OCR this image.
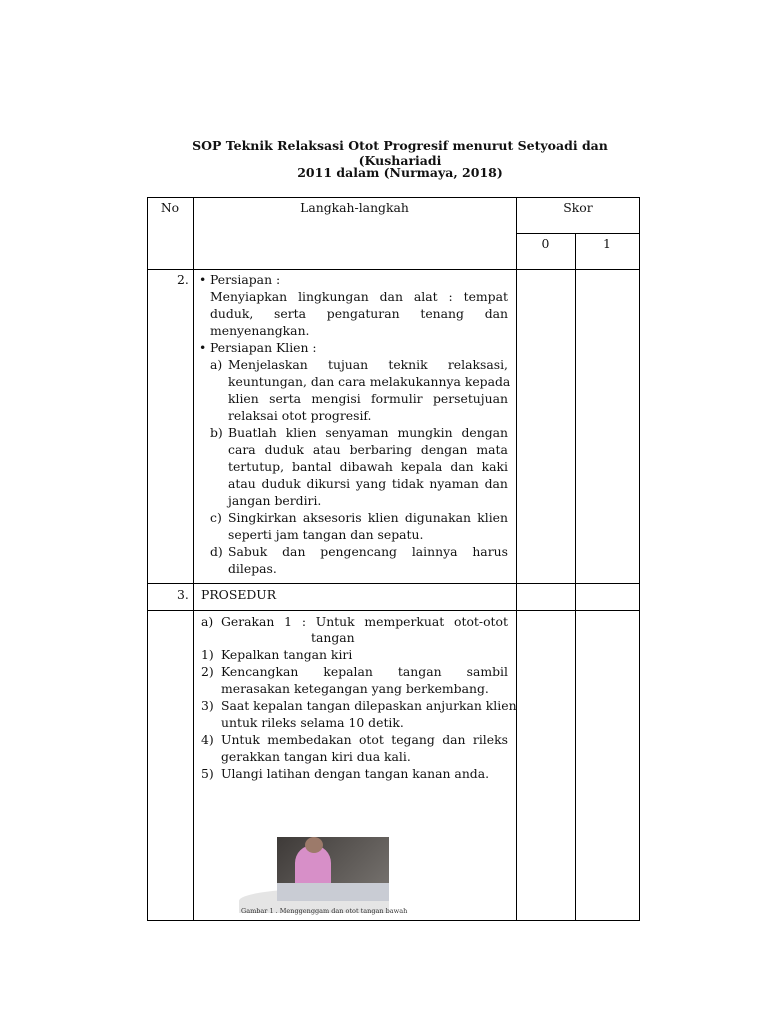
SOP Teknik Relaksasi Otot Progresif menurut Setyoadi dan (Kushariadi
2011 dalam (Nurmaya, 2018)
No	Langkah-langkah	Skor
0	1
2. • Persiapan :
Menyiapkan lingkungan dan alat : tempat
duduk, serta pengaturan tenang dan
menyenangkan.
• Persiapan Klien :
a) Menjelaskan tujuan teknik relaksasi,
keuntungan, dan cara melakukannya kepada
klien serta mengisi formulir persetujuan
relaksai otot progresif.
b) Buatlah klien senyaman mungkin dengan
cara duduk atau berbaring dengan mata
tertutup, bantal dibawah kepala dan kaki
atau duduk dikursi yang tidak nyaman dan
jangan berdiri.
c) Singkirkan aksesoris klien digunakan klien
seperti jam tangan dan sepatu.
d) Sabuk dan pengencang lainnya harus
dilepas.
3. PROSEDUR
a) Gerakan 1 : Untuk memperkuat otot-otot
tangan
1) Kepalkan tangan kiri
2) Kencangkan kepalan tangan sambil
merasakan ketegangan yang berkembang.
3) Saat kepalan tangan dilepaskan anjurkan klien
untuk rileks selama 10 detik.
4) Untuk membedakan otot tegang dan rileks
gerakkan tangan kiri dua kali.
5) Ulangi latihan dengan tangan kanan anda.
Gambar 1 . Menggenggam dan otot tangan bawah
